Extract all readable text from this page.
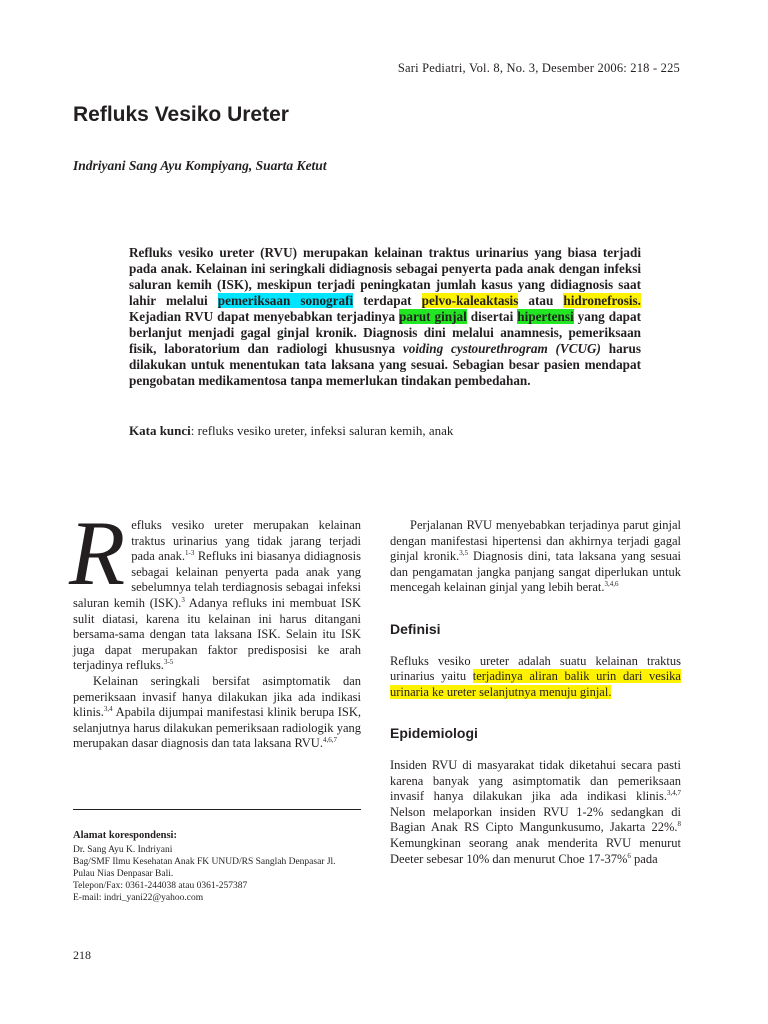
Sari Pediatri, Vol. 8, No. 3, Desember 2006: 218 - 225
Refluks Vesiko Ureter
Indriyani Sang Ayu Kompiyang, Suarta Ketut

Refluks vesiko ureter (RVU) merupakan kelainan traktus urinarius yang biasa terjadi pada anak. Kelainan ini seringkali didiagnosis sebagai penyerta pada anak dengan infeksi saluran kemih (ISK), meskipun terjadi peningkatan jumlah kasus yang didiagnosis saat lahir melalui pemeriksaan sonografi terdapat pelvo-kaleaktasis atau hidronefrosis. Kejadian RVU dapat menyebabkan terjadinya parut ginjal disertai hipertensi yang dapat berlanjut menjadi gagal ginjal kronik. Diagnosis dini melalui anamnesis, pemeriksaan fisik, laboratorium dan radiologi khususnya voiding cystourethrogram (VCUG) harus dilakukan untuk menentukan tata laksana yang sesuai. Sebagian besar pasien mendapat pengobatan medikamentosa tanpa memerlukan tindakan pembedahan.

Kata kunci: refluks vesiko ureter, infeksi saluran kemih, anak

Refluks vesiko ureter merupakan kelainan traktus urinarius yang tidak jarang terjadi pada anak.$^{1-3}$ Refluks ini biasanya didiagnosis sebagai kelainan penyerta pada anak yang sebelumnya telah terdiagnosis sebagai infeksi saluran kemih (ISK).$^3$ Adanya refluks ini membuat ISK sulit diatasi, karena itu kelainan ini harus ditangani bersama-sama dengan tata laksana ISK. Selain itu ISK juga dapat merupakan faktor predisposisi ke arah terjadinya refluks.$^{3-5}$

Kelainan seringkali bersifat asimptomatik dan pemeriksaan invasif hanya dilakukan jika ada indikasi klinis.$^{3,4}$ Apabila dijumpai manifestasi klinik berupa ISK, selanjutnya harus dilakukan pemeriksaan radiologik yang merupakan dasar diagnosis dan tata laksana RVU.$^{4,6,7}$

Perjalanan RVU menyebabkan terjadinya parut ginjal dengan manifestasi hipertensi dan akhirnya terjadi gagal ginjal kronik.$^{3,5}$ Diagnosis dini, tata laksana yang sesuai dan pengamatan jangka panjang sangat diperlukan untuk mencegah kelainan ginjal yang lebih berat.$^{3,4,6}$

Definisi

Refluks vesiko ureter adalah suatu kelainan traktus urinarius yaitu terjadinya aliran balik urin dari vesika urinaria ke ureter selanjutnya menuju ginjal.

Epidemiologi

Insiden RVU di masyarakat tidak diketahui secara pasti karena banyak yang asimptomatik dan pemeriksaan invasif hanya dilakukan jika ada indikasi klinis.$^{3,4,7}$ Nelson melaporkan insiden RVU 1-2% sedangkan di Bagian Anak RS Cipto Mangunkusumo, Jakarta 22%.$^8$ Kemungkinan seorang anak menderita RVU menurut Deeter sebesar 10% dan menurut Choe 17-37%$^6$ pada

Alamat korespondensi:
Dr. Sang Ayu K. Indriyani
Bag/SMF Ilmu Kesehatan Anak FK UNUD/RS Sanglah Denpasar Jl.
Pulau Nias Denpasar Bali.
Telepon/Fax: 0361-244038 atau 0361-257387
E-mail: indri_yani22@yahoo.com
218
